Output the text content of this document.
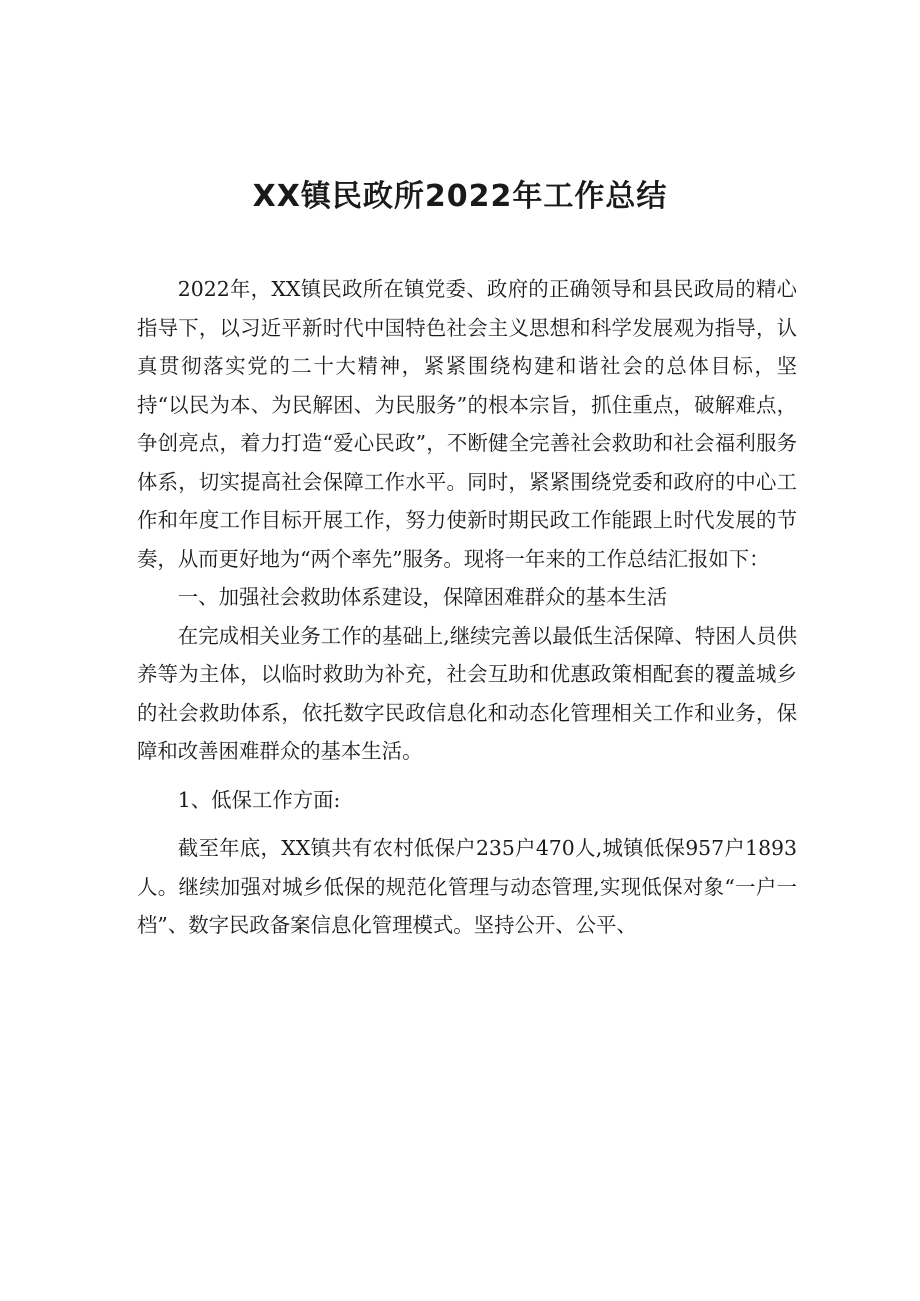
XX镇民政所2022年工作总结

2022年，XX镇民政所在镇党委、政府的正确领导和县民政局的精心指导下，以习近平新时代中国特色社会主义思想和科学发展观为指导，认真贯彻落实党的二十大精神，紧紧围绕构建和谐社会的总体目标，坚持“以民为本、为民解困、为民服务”的根本宗旨，抓住重点，破解难点，争创亮点，着力打造“爱心民政”，不断健全完善社会救助和社会福利服务体系，切实提高社会保障工作水平。同时，紧紧围绕党委和政府的中心工作和年度工作目标开展工作，努力使新时期民政工作能跟上时代发展的节奏，从而更好地为“两个率先”服务。现将一年来的工作总结汇报如下：

一、加强社会救助体系建设，保障困难群众的基本生活

在完成相关业务工作的基础上,继续完善以最低生活保障、特困人员供养等为主体，以临时救助为补充，社会互助和优惠政策相配套的覆盖城乡的社会救助体系，依托数字民政信息化和动态化管理相关工作和业务，保障和改善困难群众的基本生活。

1、低保工作方面:

截至年底，XX镇共有农村低保户235户470人,城镇低保957户1893人。继续加强对城乡低保的规范化管理与动态管理,实现低保对象“一户一档”、数字民政备案信息化管理模式。坚持公开、公平、
